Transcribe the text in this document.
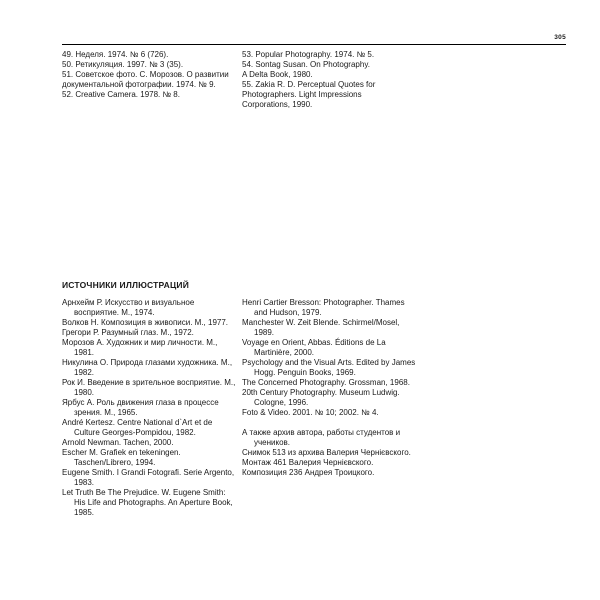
305

49. Неделя. 1974. № 6 (726).

50. Ретикуляция. 1997. № 3 (35).

51. Советское фото. С. Морозов. О развитии документальной фотографии. 1974. № 9.

52. Creative Camera. 1978. № 8.

53. Popular Photography. 1974. № 5.

54. Sontag Susan. On Photography.

A Delta Book, 1980.

55. Zakia R. D. Perceptual Quotes for Photographers. Light Impressions Corporations, 1990.

ИСТОЧНИКИ ИЛЛЮСТРАЦИЙ

Арнхейм Р. Искусство и визуальное восприятие. М., 1974.

Волков Н. Композиция в живописи. М., 1977.

Грегори Р. Разумный глаз. М., 1972.

Морозов А. Художник и мир личности. М., 1981.

Никулина О. Природа глазами художника. М., 1982.

Рок И. Введение в зрительное восприятие. М., 1980.

Ярбус А. Роль движения глаза в процессе зрения. М., 1965.

André Kertesz. Centre National d`Art et de Culture Georges-Pompidou, 1982.

Arnold Newman. Tachen, 2000.

Escher M. Grafiek en tekeningen. Taschen/Librero, 1994.

Eugene Smith. I Grandi Fotografi. Serie Argento, 1983.

Let Truth Be The Prejudice. W. Eugene Smith: His Life and Photographs. An Aperture Book, 1985.

Henri Cartier Bresson: Photographer. Thames and Hudson, 1979.

Manchester W. Zeit Blende. Schirmel/Mosel, 1989.

Voyage en Orient, Abbas. Éditions de La Martinière, 2000.

Psychology and the Visual Arts. Edited by James Hogg. Penguin Books, 1969.

The Concerned Photography. Grossman, 1968.

20th Century Photography. Museum Ludwig. Cologne, 1996.

Foto & Video. 2001. № 10; 2002. № 4.

А также архив автора, работы студентов и учеников.

Снимок 513 из архива Валерия Чернієвского.

Монтаж 461 Валерия Чернієвского.

Композиция 236 Андрея Троицкого.
